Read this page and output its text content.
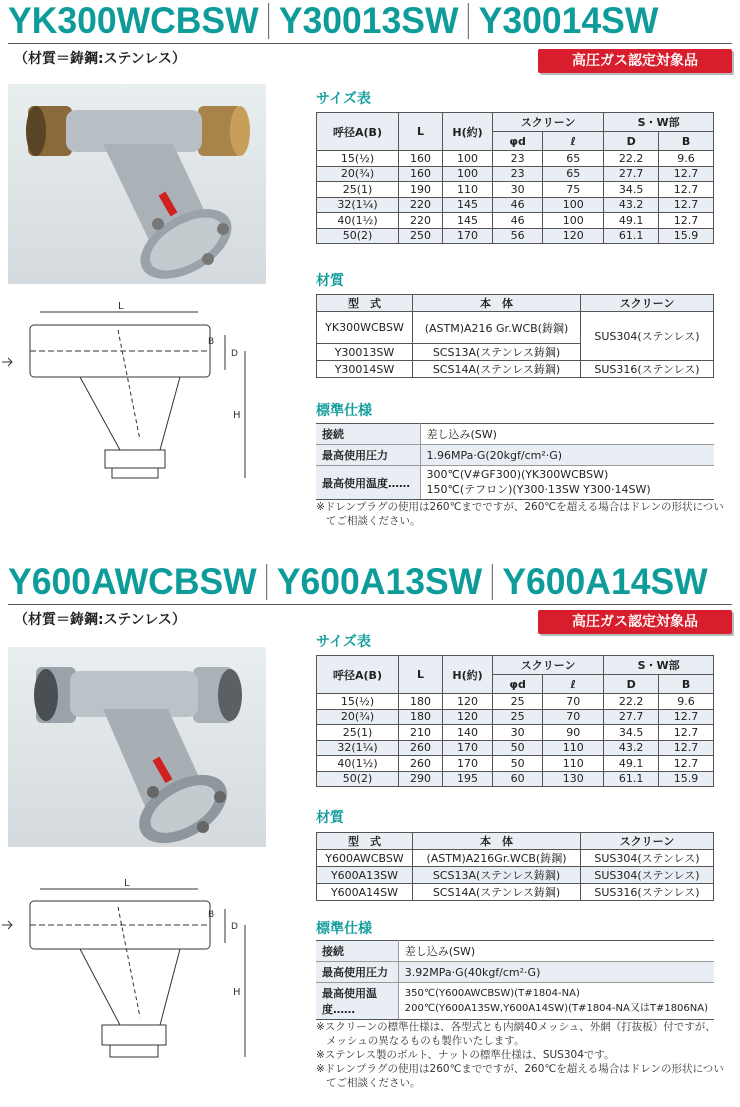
YK300WCBSW Y30013SW Y30014SW
（材質＝鋳鋼:ステンレス）	高圧ガス認定対象品
L
B
D
H
サイズ表
呼径A(B)	L	H(約)	スクリーン		S・W部	
			φd	ℓ	D	B
15(½)	160	100	23	65	22.2	9.6
20(¾)	160	100	23	65	27.7	12.7
25(1)	190	110	30	75	34.5	12.7
32(1¼)	220	145	46	100	43.2	12.7
40(1½)	220	145	46	100	49.1	12.7
50(2)	250	170	56	120	61.1	15.9
材質
型　式	本　体	スクリーン
YK300WCBSW	(ASTM)A216 Gr.WCB(鋳鋼)	SUS304(ステンレス)
Y30013SW	SCS13A(ステンレス鋳鋼)	
Y30014SW	SCS14A(ステンレス鋳鋼)	SUS316(ステンレス)
標準仕様
接続	差し込み(SW)
最高使用圧力	1.96MPa·G(20kgf/cm²·G)
最高使用温度……	300℃(V#GF300)(YK300WCBSW)
150℃(テフロン)(Y300·13SW Y300·14SW)

※ドレンプラグの使用は260℃までですが、260℃を超える場合はドレンの形状についてご相談ください。

Y600AWCBSW Y600A13SW Y600A14SW
（材質＝鋳鋼:ステンレス）	高圧ガス認定対象品
L
B
D
H
サイズ表
呼径A(B)	L	H(約)	スクリーン		S・W部	
			φd	ℓ	D	B
15(½)	180	120	25	70	22.2	9.6
20(¾)	180	120	25	70	27.7	12.7
25(1)	210	140	30	90	34.5	12.7
32(1¼)	260	170	50	110	43.2	12.7
40(1½)	260	170	50	110	49.1	12.7
50(2)	290	195	60	130	61.1	15.9
材質
型　式	本　体	スクリーン
Y600AWCBSW	(ASTM)A216Gr.WCB(鋳鋼)	SUS304(ステンレス)
Y600A13SW	SCS13A(ステンレス鋳鋼)	SUS304(ステンレス)
Y600A14SW	SCS14A(ステンレス鋳鋼)	SUS316(ステンレス)
標準仕様
接続	差し込み(SW)
最高使用圧力	3.92MPa·G(40kgf/cm²·G)
最高使用温度……	350℃(Y600AWCBSW)(T#1804-NA)
200℃(Y600A13SW,Y600A14SW)(T#1804-NA又はT#1806NA)

※スクリーンの標準仕様は、各型式とも内網40メッシュ、外網（打抜板）付ですが、メッシュの異なるものも製作いたします。

※ステンレス製のボルト、ナットの標準仕様は、SUS304です。

※ドレンプラグの使用は260℃までですが、260℃を超える場合はドレンの形状についてご相談ください。
